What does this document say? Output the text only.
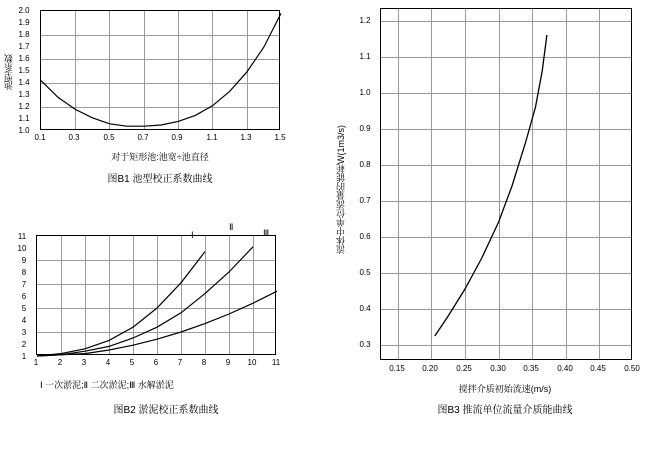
1.0
1.1
1.2
1.3
1.4
1.5
1.6
1.7
1.8
1.9
2.0
0.1	0.3	0.5	0.7	0.9	1.1	1.3	1.5
池型系数
对于矩形池:池宽÷池直径
图B1 池型校正系数曲线
1
2
3
4
5
6
7
8
9
10
11	Ⅰ
Ⅱ
Ⅲ
1	2	3	4	5	6	7	8	9	10	11
Ⅰ 一次淤泥;Ⅱ 二次淤泥;Ⅲ 水解淤泥
图B2 淤泥校正系数曲线
0.3
0.4
0.5
0.6
0.7
0.8
0.9
1.0
1.1
1.2
0.15	0.20	0.25	0.30	0.35	0.40	0.45	0.50
流体中单位流量的能耗W(1m3/s)
搅拌介质初始流速(m/s)
图B3 推流单位流量介质能曲线
